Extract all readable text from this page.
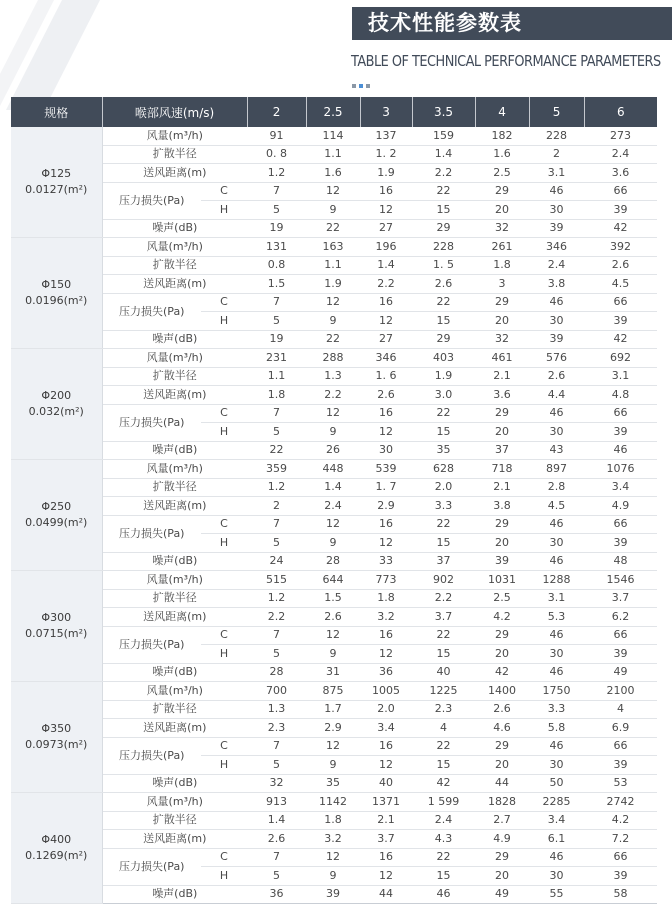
技术性能参数表
TABLE OF TECHNICAL PERFORMANCE PARAMETERS
规格	喉部风速(m/s)		2	2.5	3	3.5	4	5	6

Φ125
0.0127(m²)	风量(m³/h)		91	114	137	159	182	228	273
	扩散半径		0. 8	1.1	1. 2	1.4	1.6	2	2.4
	送风距离(m)		1.2	1.6	1.9	2.2	2.5	3.1	3.6
	压力损失(Pa)	C	7	12	16	22	29	46	66
		H	5	9	12	15	20	30	39
	噪声(dB)		19	22	27	29	32	39	42

Φ150
0.0196(m²)	风量(m³/h)		131	163	196	228	261	346	392
	扩散半径		0.8	1.1	1.4	1. 5	1.8	2.4	2.6
	送风距离(m)		1.5	1.9	2.2	2.6	3	3.8	4.5
	压力损失(Pa)	C	7	12	16	22	29	46	66
		H	5	9	12	15	20	30	39
	噪声(dB)		19	22	27	29	32	39	42

Φ200
0.032(m²)	风量(m³/h)		231	288	346	403	461	576	692
	扩散半径		1.1	1.3	1. 6	1.9	2.1	2.6	3.1
	送风距离(m)		1.8	2.2	2.6	3.0	3.6	4.4	4.8
	压力损失(Pa)	C	7	12	16	22	29	46	66
		H	5	9	12	15	20	30	39
	噪声(dB)		22	26	30	35	37	43	46

Φ250
0.0499(m²)	风量(m³/h)		359	448	539	628	718	897	1076
	扩散半径		1.2	1.4	1. 7	2.0	2.1	2.8	3.4
	送风距离(m)		2	2.4	2.9	3.3	3.8	4.5	4.9
	压力损失(Pa)	C	7	12	16	22	29	46	66
		H	5	9	12	15	20	30	39
	噪声(dB)		24	28	33	37	39	46	48

Φ300
0.0715(m²)	风量(m³/h)		515	644	773	902	1031	1288	1546
	扩散半径		1.2	1.5	1.8	2.2	2.5	3.1	3.7
	送风距离(m)		2.2	2.6	3.2	3.7	4.2	5.3	6.2
	压力损失(Pa)	C	7	12	16	22	29	46	66
		H	5	9	12	15	20	30	39
	噪声(dB)		28	31	36	40	42	46	49

Φ350
0.0973(m²)	风量(m³/h)		700	875	1005	1225	1400	1750	2100
	扩散半径		1.3	1.7	2.0	2.3	2.6	3.3	4
	送风距离(m)		2.3	2.9	3.4	4	4.6	5.8	6.9
	压力损失(Pa)	C	7	12	16	22	29	46	66
		H	5	9	12	15	20	30	39
	噪声(dB)		32	35	40	42	44	50	53

Φ400
0.1269(m²)	风量(m³/h)		913	1142	1371	1 599	1828	2285	2742
	扩散半径		1.4	1.8	2.1	2.4	2.7	3.4	4.2
	送风距离(m)		2.6	3.2	3.7	4.3	4.9	6.1	7.2
	压力损失(Pa)	C	7	12	16	22	29	46	66
		H	5	9	12	15	20	30	39
	噪声(dB)		36	39	44	46	49	55	58
